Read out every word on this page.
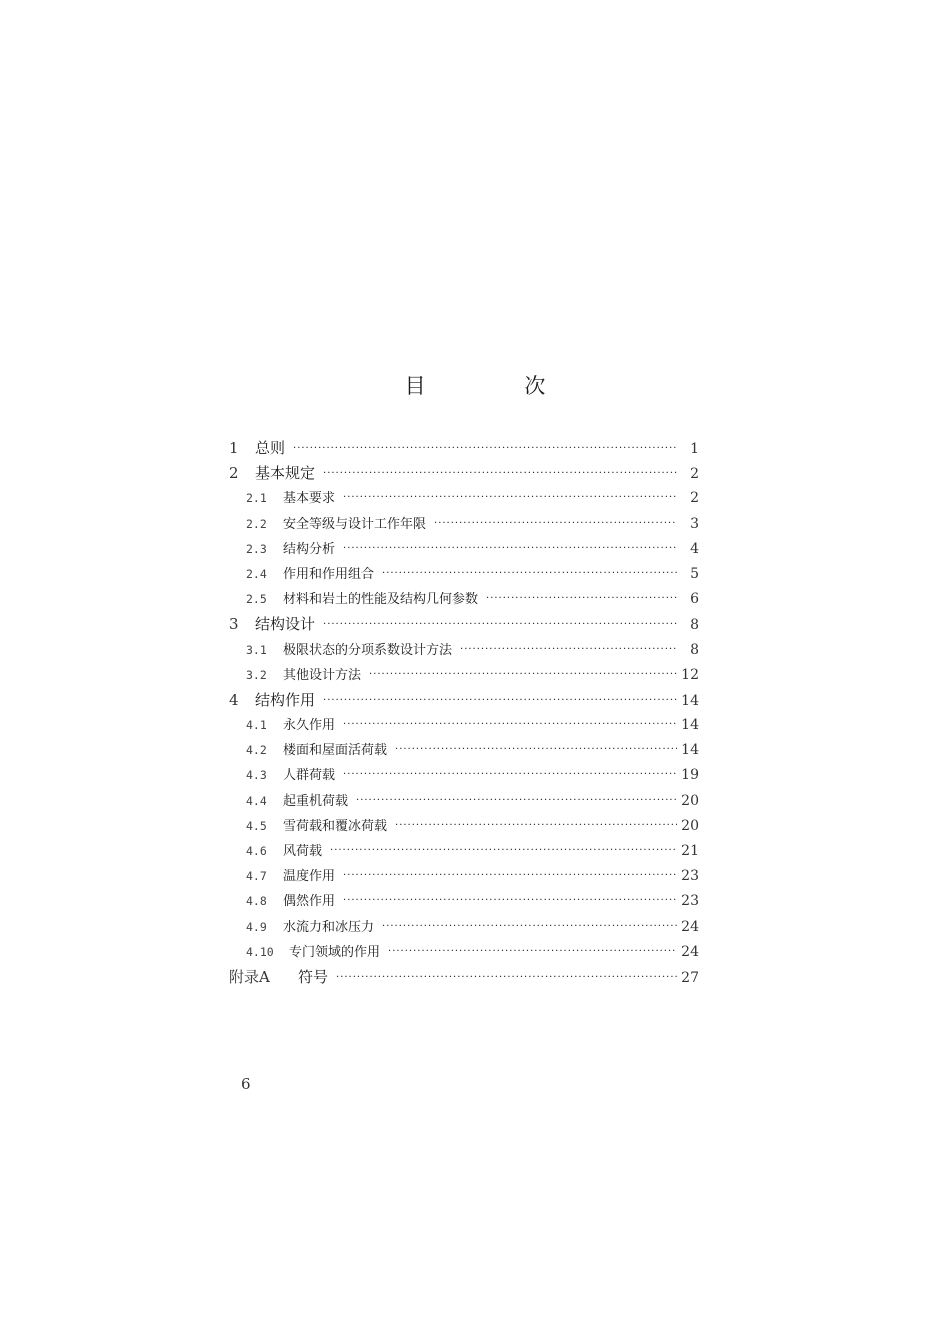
目 次
1	总则 ·····	1
2	基本规定 ·····	2
2.1	基本要求 ·····	2
2.2	安全等级与设计工作年限 ·····	3
2.3	结构分析 ·····	4
2.4	作用和作用组合 ·····	5
2.5	材料和岩土的性能及结构几何参数 ·····	6
3	结构设计 ·····	8
3.1	极限状态的分项系数设计方法 ·····	8
3.2	其他设计方法 ·····	12
4	结构作用 ·····	14
4.1	永久作用 ·····	14
4.2	楼面和屋面活荷载 ·····	14
4.3	人群荷载 ·····	19
4.4	起重机荷载 ·····	20
4.5	雪荷载和覆冰荷载 ·····	20
4.6	风荷载 ·····	21
4.7	温度作用 ·····	23
4.8	偶然作用 ·····	23
4.9	水流力和冰压力 ·····	24
4.10	专门领域的作用 ·····	24
附录A	符号 ·····	27
6
